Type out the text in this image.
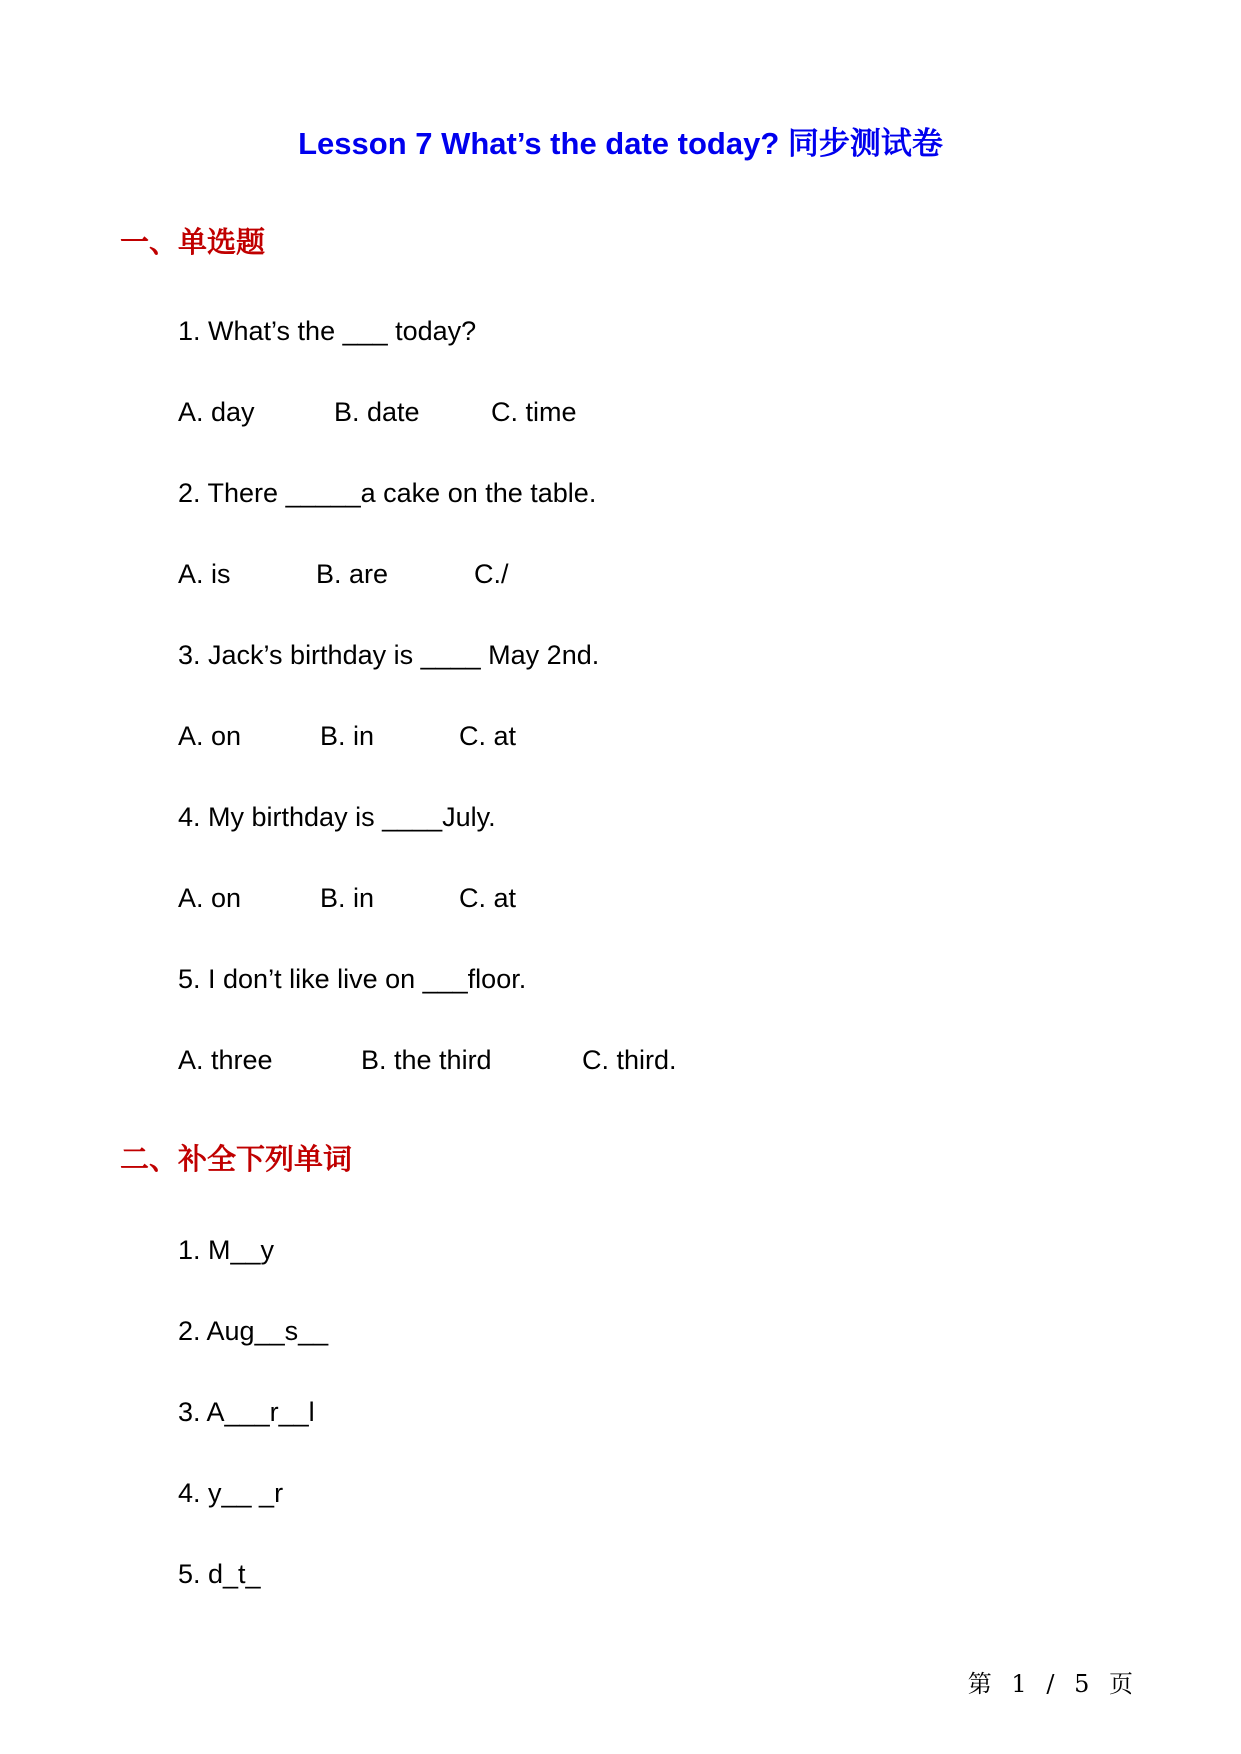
Lesson 7 What’s the date today? 同步测试卷
一、单选题
1. What’s the ___ today?
A. day	B. date	C. time
2. There _____a cake on the table.
A. is	B. are	C./
3. Jack’s birthday is ____ May 2nd.
A. on	B. in	C. at
4. My birthday is ____July.
A. on	B. in	C. at
5. I don’t like live on ___floor.
A. three	B. the third	C. third.
二、补全下列单词
1. M__y
2. Aug__s__
3. A___r__l
4. y__ _r
5. d_t_
第 1 / 5 页
